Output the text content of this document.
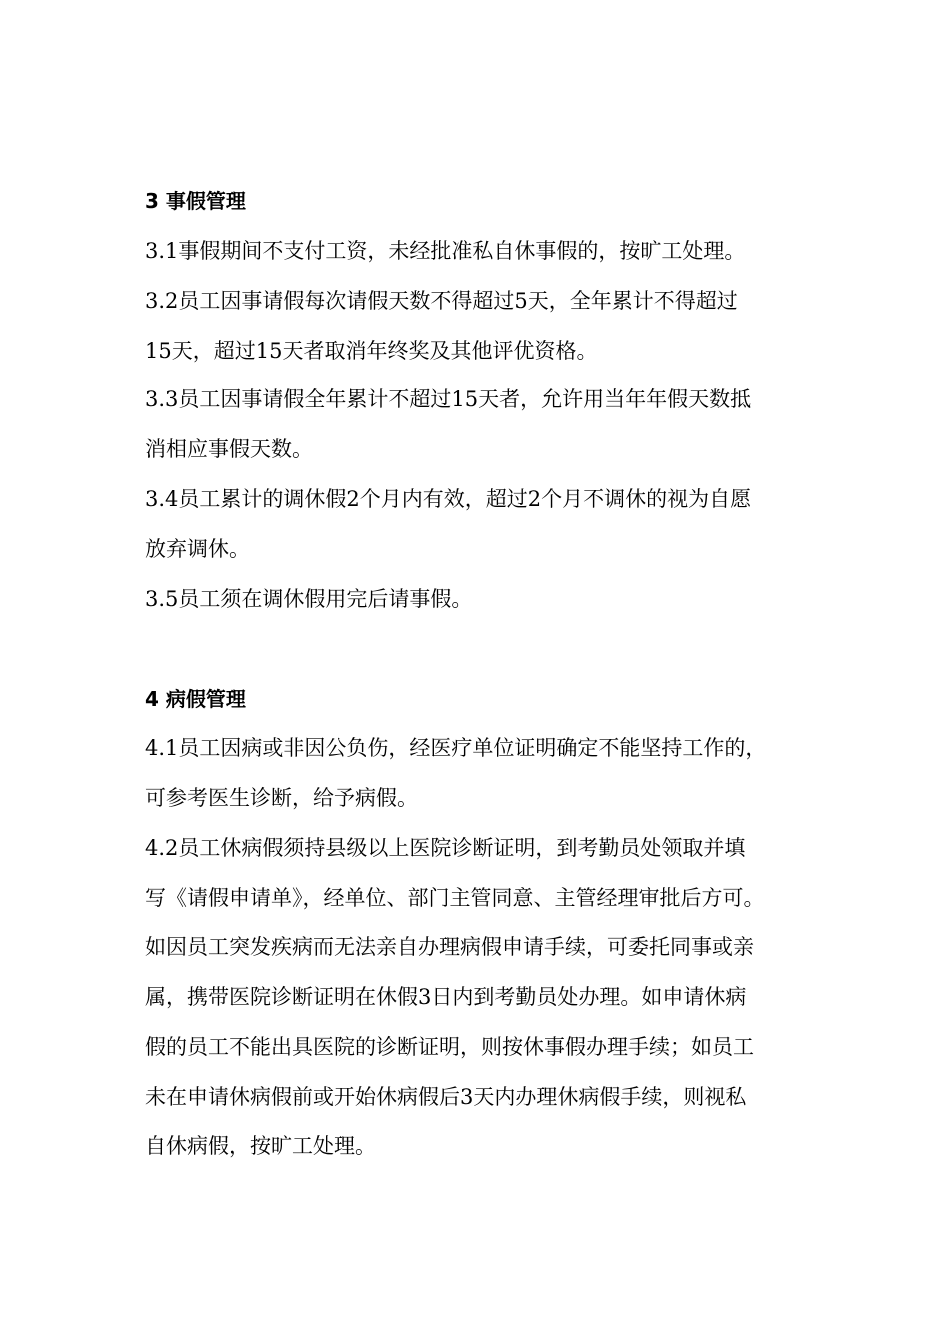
3 事假管理
3.1事假期间不支付工资，未经批准私自休事假的，按旷工处理。
3.2员工因事请假每次请假天数不得超过5天，全年累计不得超过
15天，超过15天者取消年终奖及其他评优资格。
3.3员工因事请假全年累计不超过15天者，允许用当年年假天数抵
消相应事假天数。
3.4员工累计的调休假2个月内有效，超过2个月不调休的视为自愿
放弃调休。
3.5员工须在调休假用完后请事假。
4 病假管理
4.1员工因病或非因公负伤，经医疗单位证明确定不能坚持工作的，
可参考医生诊断，给予病假。
4.2员工休病假须持县级以上医院诊断证明，到考勤员处领取并填
写《请假申请单》，经单位、部门主管同意、主管经理审批后方可。
如因员工突发疾病而无法亲自办理病假申请手续，可委托同事或亲
属，携带医院诊断证明在休假3日内到考勤员处办理。如申请休病
假的员工不能出具医院的诊断证明，则按休事假办理手续；如员工
未在申请休病假前或开始休病假后3天内办理休病假手续，则视私
自休病假，按旷工处理。
